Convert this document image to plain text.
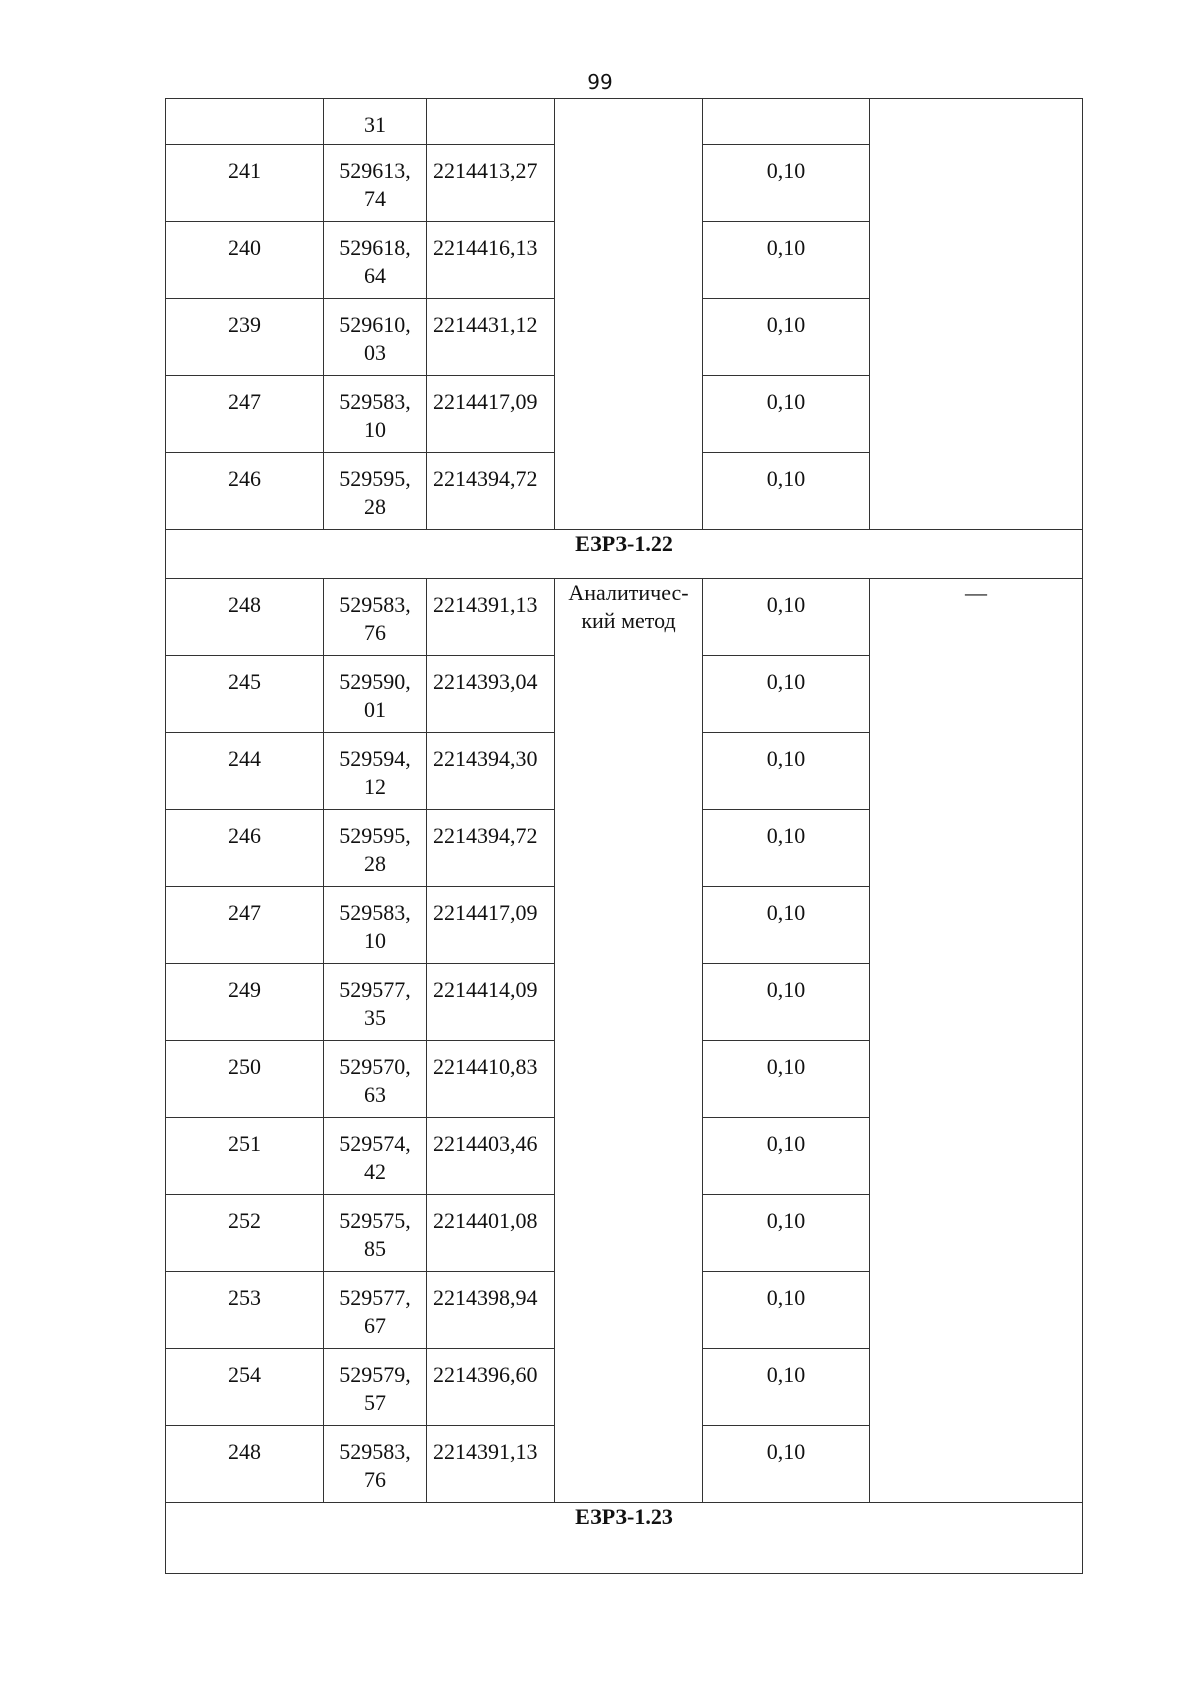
99

	31				

241	529613,
74	2214413,27		0,10	

240	529618,
64	2214416,13		0,10	

239	529610,
03	2214431,12		0,10	

247	529583,
10	2214417,09		0,10	

246	529595,
28	2214394,72		0,10	

ЕЗРЗ-1.22					

248	529583,
76	2214391,13	Аналитичес-
кий метод	0,10	—

245	529590,
01	2214393,04		0,10	

244	529594,
12	2214394,30		0,10	

246	529595,
28	2214394,72		0,10	

247	529583,
10	2214417,09		0,10	

249	529577,
35	2214414,09		0,10	

250	529570,
63	2214410,83		0,10	

251	529574,
42	2214403,46		0,10	

252	529575,
85	2214401,08		0,10	

253	529577,
67	2214398,94		0,10	

254	529579,
57	2214396,60		0,10	

248	529583,
76	2214391,13		0,10	

ЕЗРЗ-1.23					
